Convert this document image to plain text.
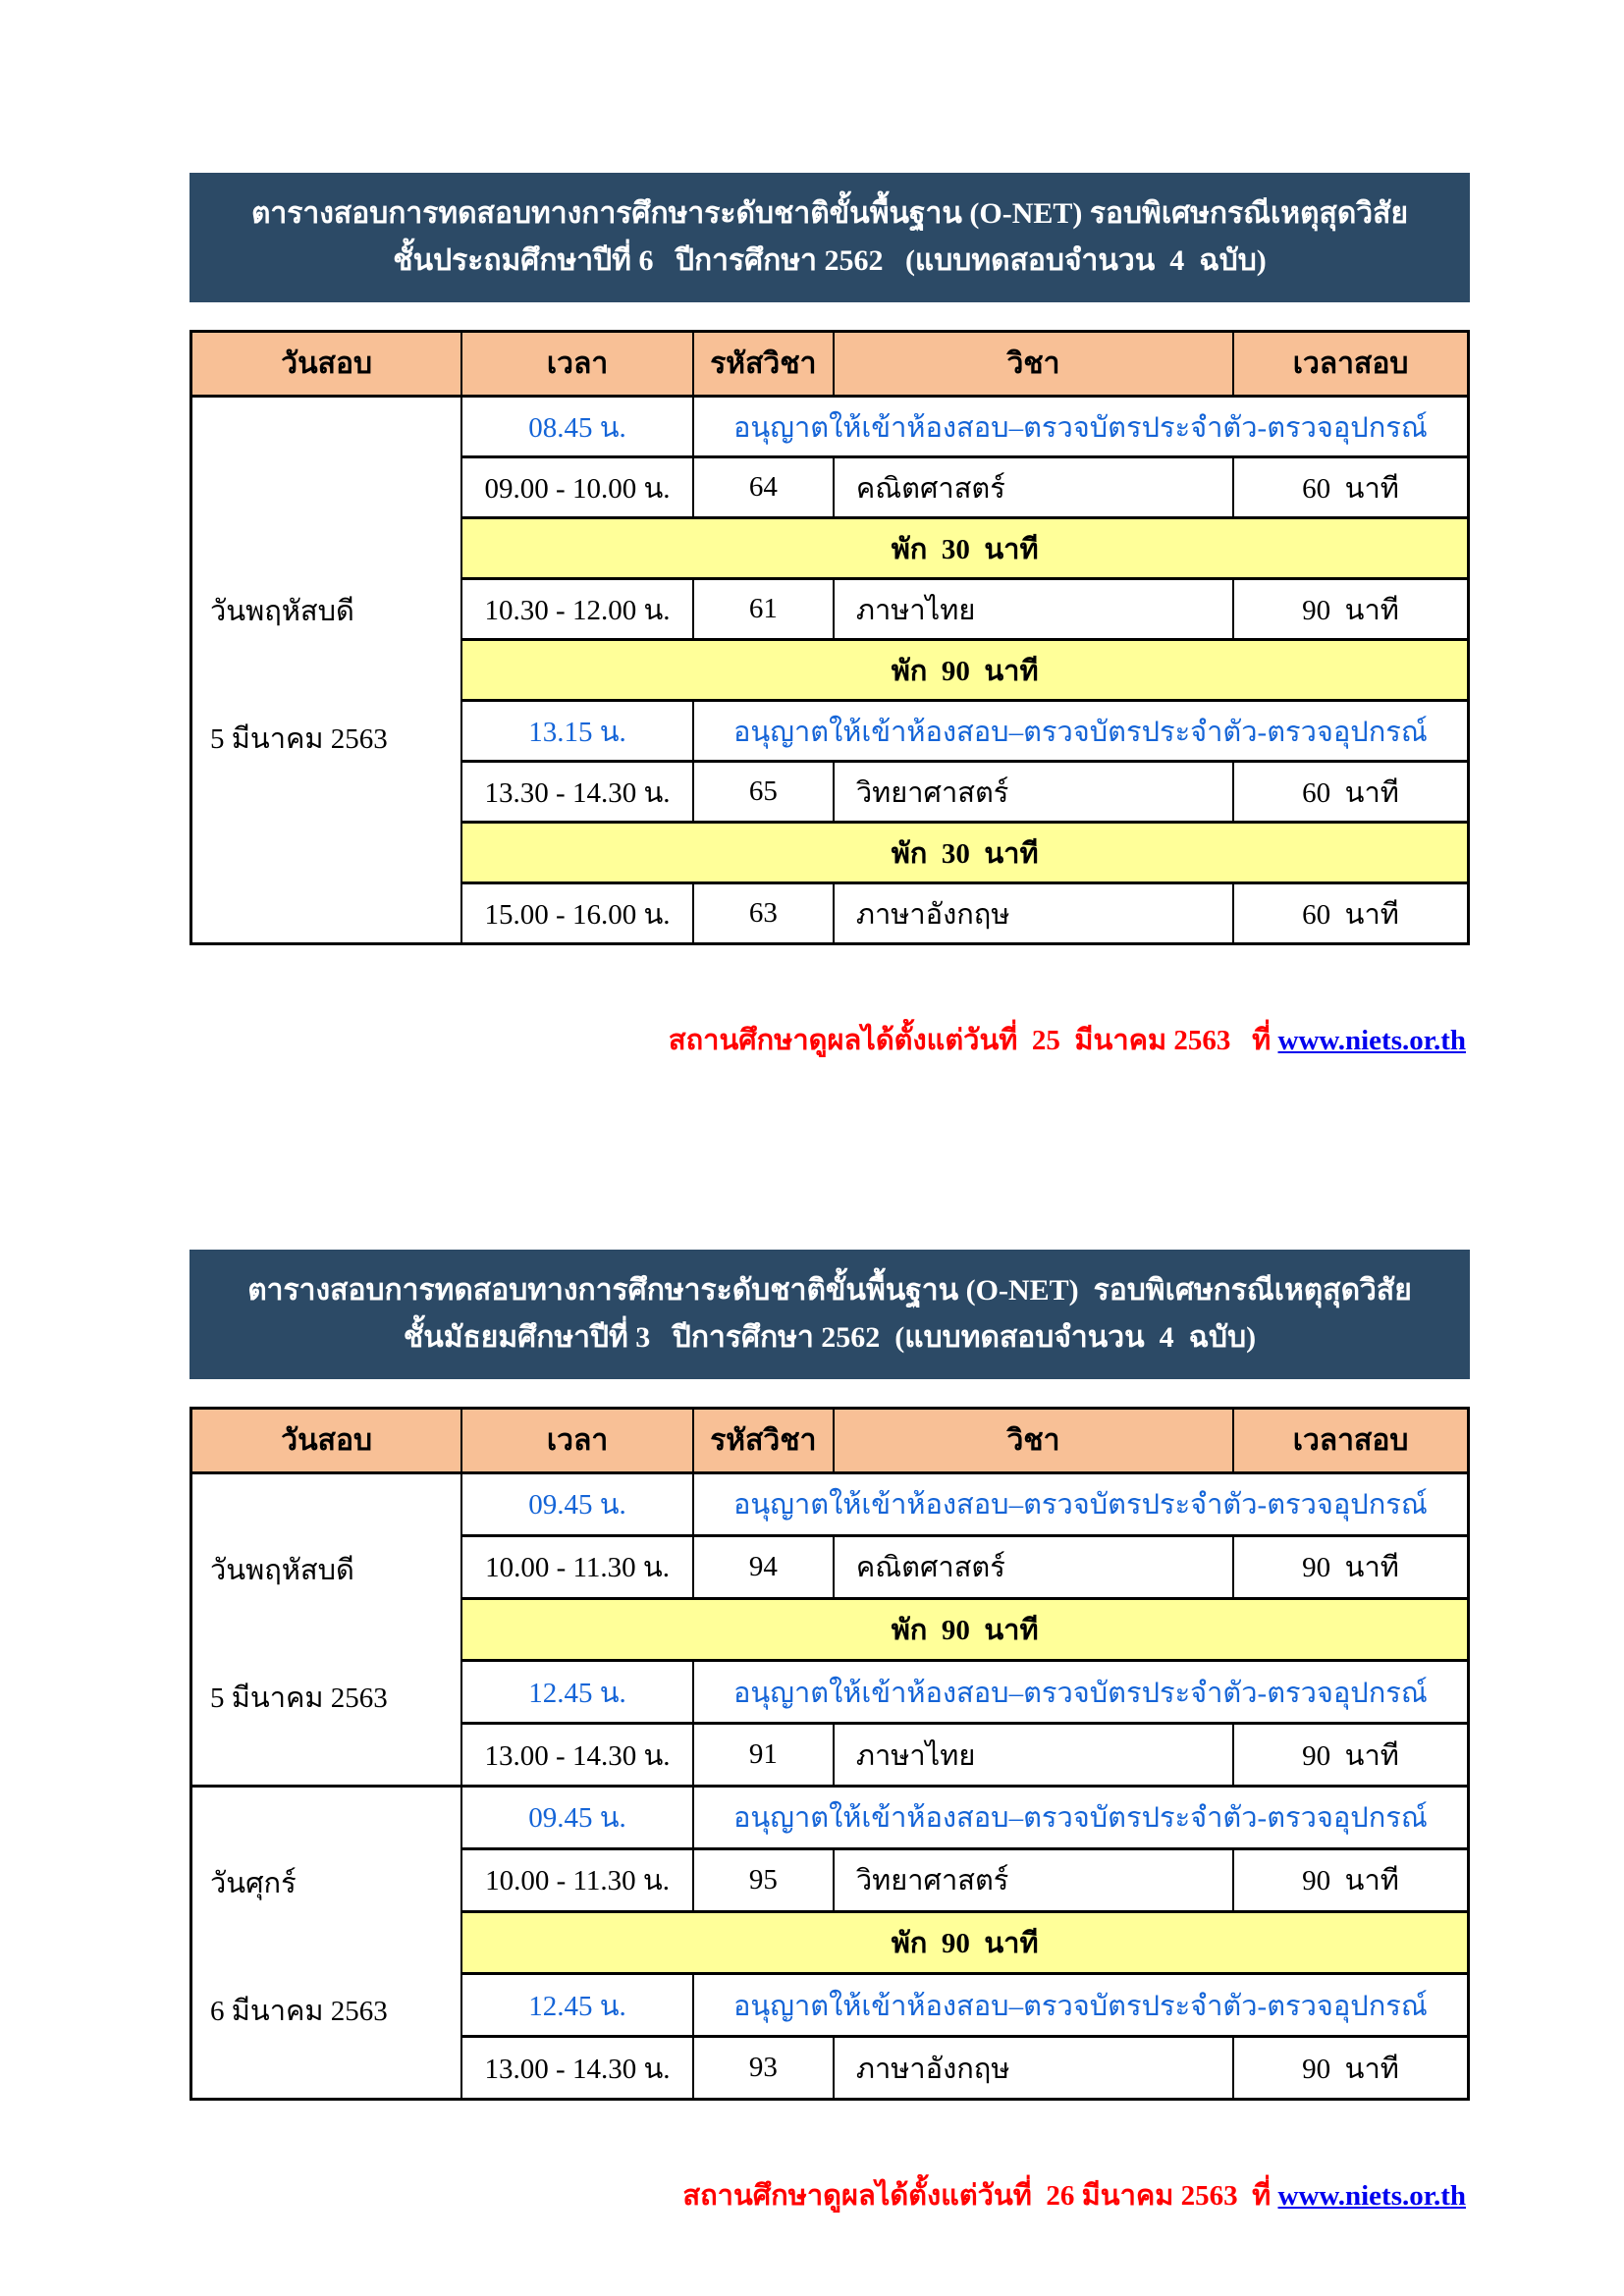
ตารางสอบการทดสอบทางการศึกษาระดับชาติขั้นพื้นฐาน (O-NET) รอบพิเศษกรณีเหตุสุดวิสัย
ชั้นประถมศึกษาปีที่ 6   ปีการศึกษา 2562   (แบบทดสอบจำนวน  4  ฉบับ)
วันสอบ	เวลา	รหัสวิชา	วิชา	เวลาสอบ

วันพฤหัสบดี

5 มีนาคม 2563	08.45 น.	อนุญาตให้เข้าห้องสอบ–ตรวจบัตรประจำตัว-ตรวจอุปกรณ์		
	09.00 - 10.00 น.	64	คณิตศาสตร์	60  นาที
	พัก  30  นาที			
	10.30 - 12.00 น.	61	ภาษาไทย	90  นาที
	พัก  90  นาที			
	13.15 น.	อนุญาตให้เข้าห้องสอบ–ตรวจบัตรประจำตัว-ตรวจอุปกรณ์		
	13.30 - 14.30 น.	65	วิทยาศาสตร์	60  นาที
	พัก  30  นาที			
	15.00 - 16.00 น.	63	ภาษาอังกฤษ	60  นาที

สถานศึกษาดูผลได้ตั้งแต่วันที่  25  มีนาคม 2563   ที่ www.niets.or.th

ตารางสอบการทดสอบทางการศึกษาระดับชาติขั้นพื้นฐาน (O-NET)  รอบพิเศษกรณีเหตุสุดวิสัย
ชั้นมัธยมศึกษาปีที่ 3   ปีการศึกษา 2562  (แบบทดสอบจำนวน  4  ฉบับ)
วันสอบ	เวลา	รหัสวิชา	วิชา	เวลาสอบ

วันพฤหัสบดี

5 มีนาคม 2563	09.45 น.	อนุญาตให้เข้าห้องสอบ–ตรวจบัตรประจำตัว-ตรวจอุปกรณ์		
	10.00 - 11.30 น.	94	คณิตศาสตร์	90  นาที
	พัก  90  นาที			
	12.45 น.	อนุญาตให้เข้าห้องสอบ–ตรวจบัตรประจำตัว-ตรวจอุปกรณ์		
	13.00 - 14.30 น.	91	ภาษาไทย	90  นาที

วันศุกร์

6 มีนาคม 2563	09.45 น.	อนุญาตให้เข้าห้องสอบ–ตรวจบัตรประจำตัว-ตรวจอุปกรณ์		
	10.00 - 11.30 น.	95	วิทยาศาสตร์	90  นาที
	พัก  90  นาที			
	12.45 น.	อนุญาตให้เข้าห้องสอบ–ตรวจบัตรประจำตัว-ตรวจอุปกรณ์		
	13.00 - 14.30 น.	93	ภาษาอังกฤษ	90  นาที

สถานศึกษาดูผลได้ตั้งแต่วันที่  26 มีนาคม 2563  ที่ www.niets.or.th
